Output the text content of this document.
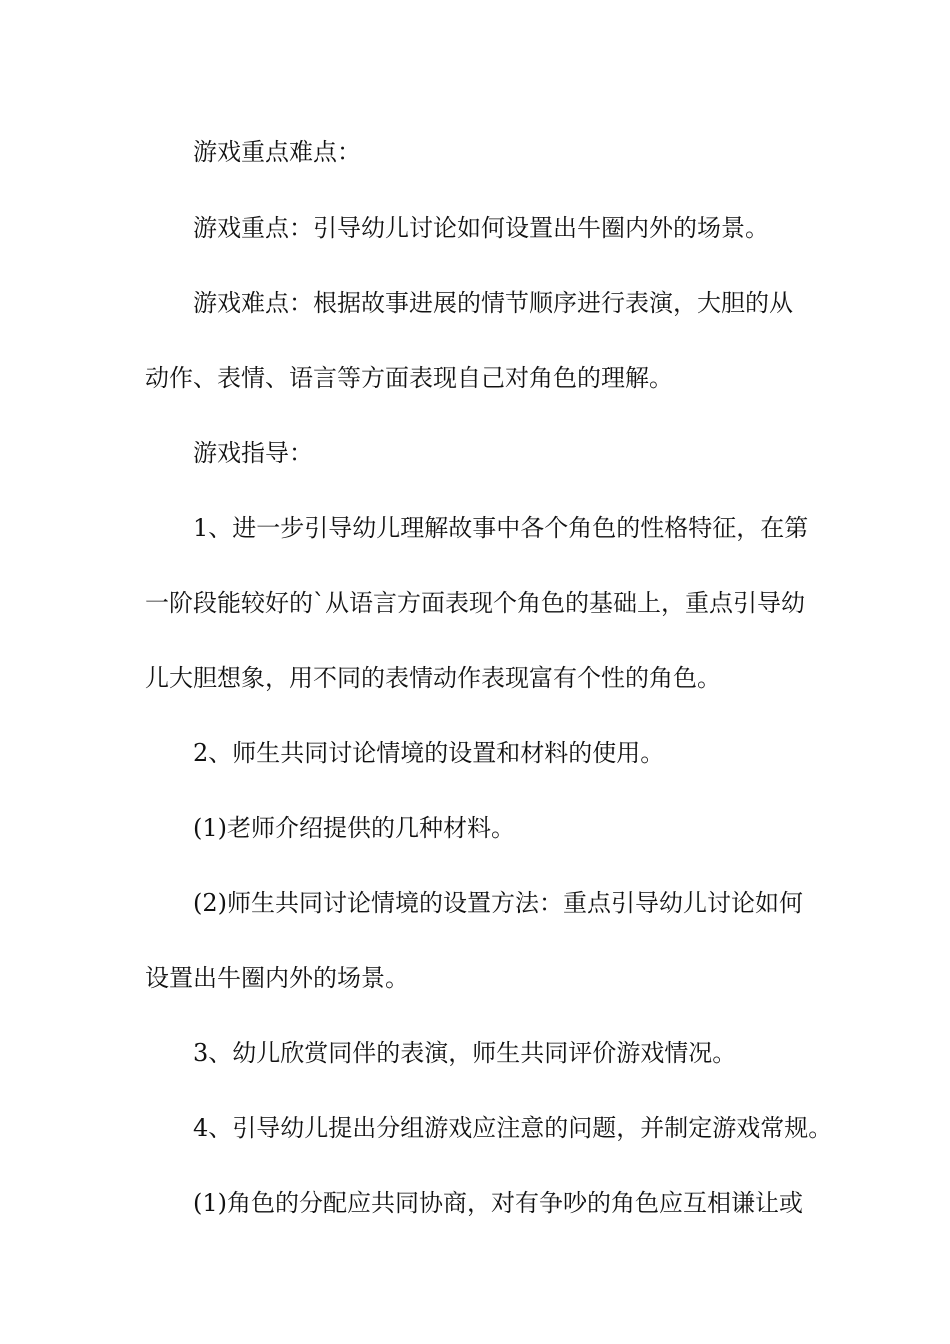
游戏重点难点：
游戏重点：引导幼儿讨论如何设置出牛圈内外的场景。
游戏难点：根据故事进展的情节顺序进行表演，大胆的从
动作、表情、语言等方面表现自己对角色的理解。
游戏指导：
1、进一步引导幼儿理解故事中各个角色的性格特征，在第
一阶段能较好的`从语言方面表现个角色的基础上，重点引导幼
儿大胆想象，用不同的表情动作表现富有个性的角色。
2、师生共同讨论情境的设置和材料的使用。
(1)老师介绍提供的几种材料。
(2)师生共同讨论情境的设置方法：重点引导幼儿讨论如何
设置出牛圈内外的场景。
3、幼儿欣赏同伴的表演，师生共同评价游戏情况。
4、引导幼儿提出分组游戏应注意的问题，并制定游戏常规。
(1)角色的分配应共同协商，对有争吵的角色应互相谦让或
